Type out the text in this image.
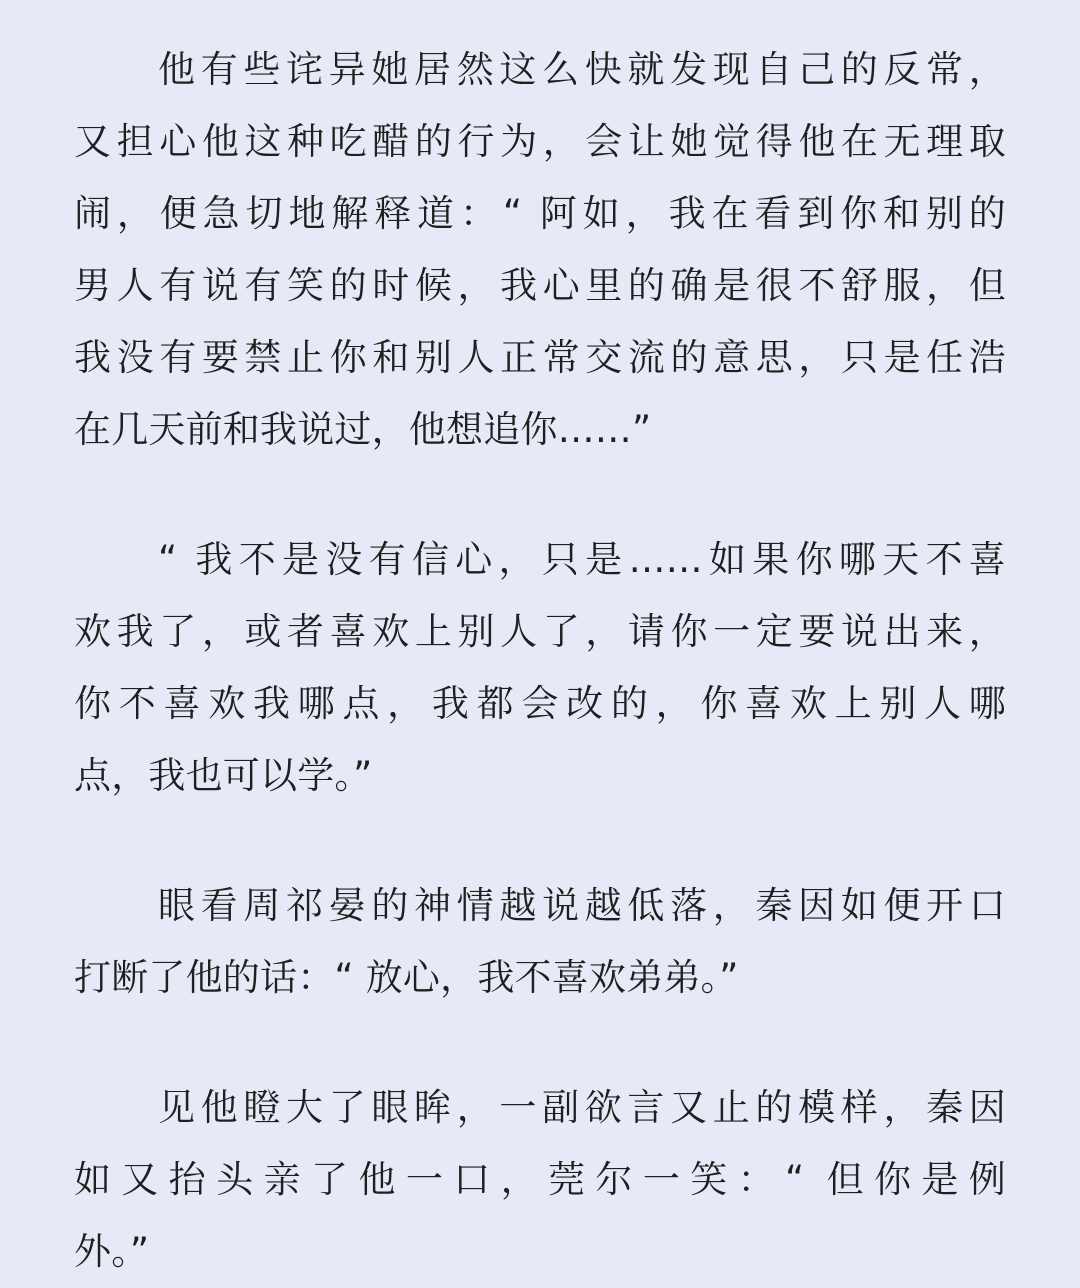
他有些诧异她居然这么快就发现自己的反常，
又担心他这种吃醋的行为，会让她觉得他在无理取
闹，便急切地解释道：“ 阿如，我在看到你和别的
男人有说有笑的时候，我心里的确是很不舒服，但
我没有要禁止你和别人正常交流的意思，只是任浩
在几天前和我说过，他想追你……”
“ 我不是没有信心，只是……如果你哪天不喜
欢我了，或者喜欢上别人了，请你一定要说出来，
你不喜欢我哪点，我都会改的，你喜欢上别人哪
点，我也可以学。”
眼看周祁晏的神情越说越低落，秦因如便开口
打断了他的话：“ 放心，我不喜欢弟弟。”
见他瞪大了眼眸，一副欲言又止的模样，秦因
如又抬头亲了他一口，莞尔一笑：“ 但你是例
外。”
